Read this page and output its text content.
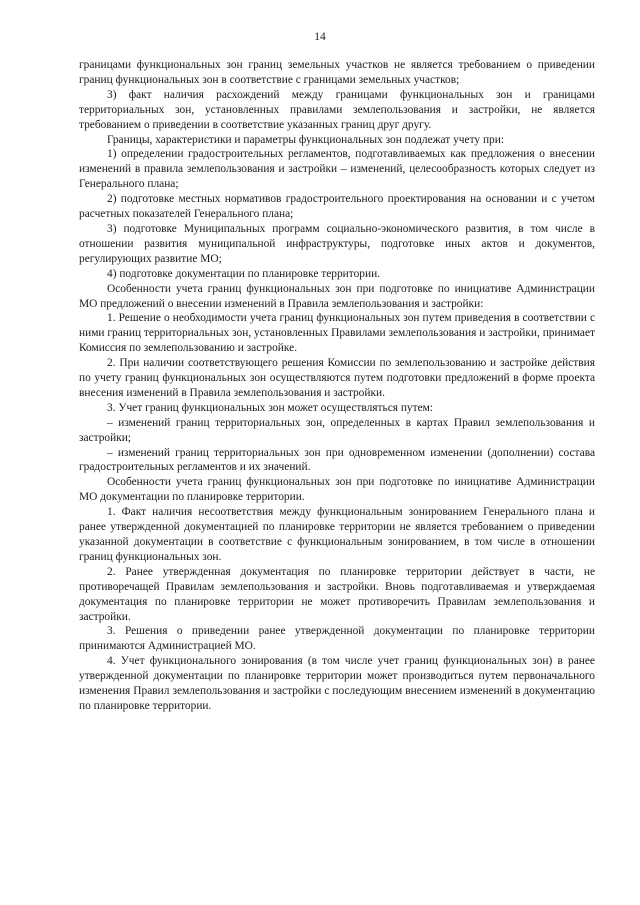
14

границами функциональных зон границ земельных участков не является требованием о приведении границ функциональных зон в соответствие с границами земельных участков;

3) факт наличия расхождений между границами функциональных зон и границами территориальных зон, установленных правилами землепользования и застройки, не является требованием о приведении в соответствие указанных границ друг другу.

Границы, характеристики и параметры функциональных зон подлежат учету при:

1) определении градостроительных регламентов, подготавливаемых как предложения о внесении изменений в правила землепользования и застройки – изменений, целесообразность которых следует из Генерального плана;

2) подготовке местных нормативов градостроительного проектирования на основании и с учетом расчетных показателей Генерального плана;

3) подготовке Муниципальных программ социально-экономического развития, в том числе в отношении развития муниципальной инфраструктуры, подготовке иных актов и документов, регулирующих развитие МО;

4) подготовке документации по планировке территории.

Особенности учета границ функциональных зон при подготовке по инициативе Администрации МО предложений о внесении изменений в Правила землепользования и застройки:

1. Решение о необходимости учета границ функциональных зон путем приведения в соответствии с ними границ территориальных зон, установленных Правилами землепользования и застройки, принимает Комиссия по землепользованию и застройке.

2. При наличии соответствующего решения Комиссии по землепользованию и застройке действия по учету границ функциональных зон осуществляются путем подготовки предложений в форме проекта внесения изменений в Правила землепользования и застройки.

3. Учет границ функциональных зон может осуществляться путем:

– изменений границ территориальных зон, определенных в картах Правил землепользования и застройки;

– изменений границ территориальных зон при одновременном изменении (дополнении) состава градостроительных регламентов и их значений.

Особенности учета границ функциональных зон при подготовке по инициативе Администрации МО документации по планировке территории.

1. Факт наличия несоответствия между функциональным зонированием Генерального плана и ранее утвержденной документацией по планировке территории не является требованием о приведении указанной документации в соответствие с функциональным зонированием, в том числе в отношении границ функциональных зон.

2. Ранее утвержденная документация по планировке территории действует в части, не противоречащей Правилам землепользования и застройки. Вновь подготавливаемая и утверждаемая документация по планировке территории не может противоречить Правилам землепользования и застройки.

3. Решения о приведении ранее утвержденной документации по планировке территории принимаются Администрацией МО.

4. Учет функционального зонирования (в том числе учет границ функциональных зон) в ранее утвержденной документации по планировке территории может производиться путем первоначального изменения Правил землепользования и застройки с последующим внесением изменений в документацию по планировке территории.
